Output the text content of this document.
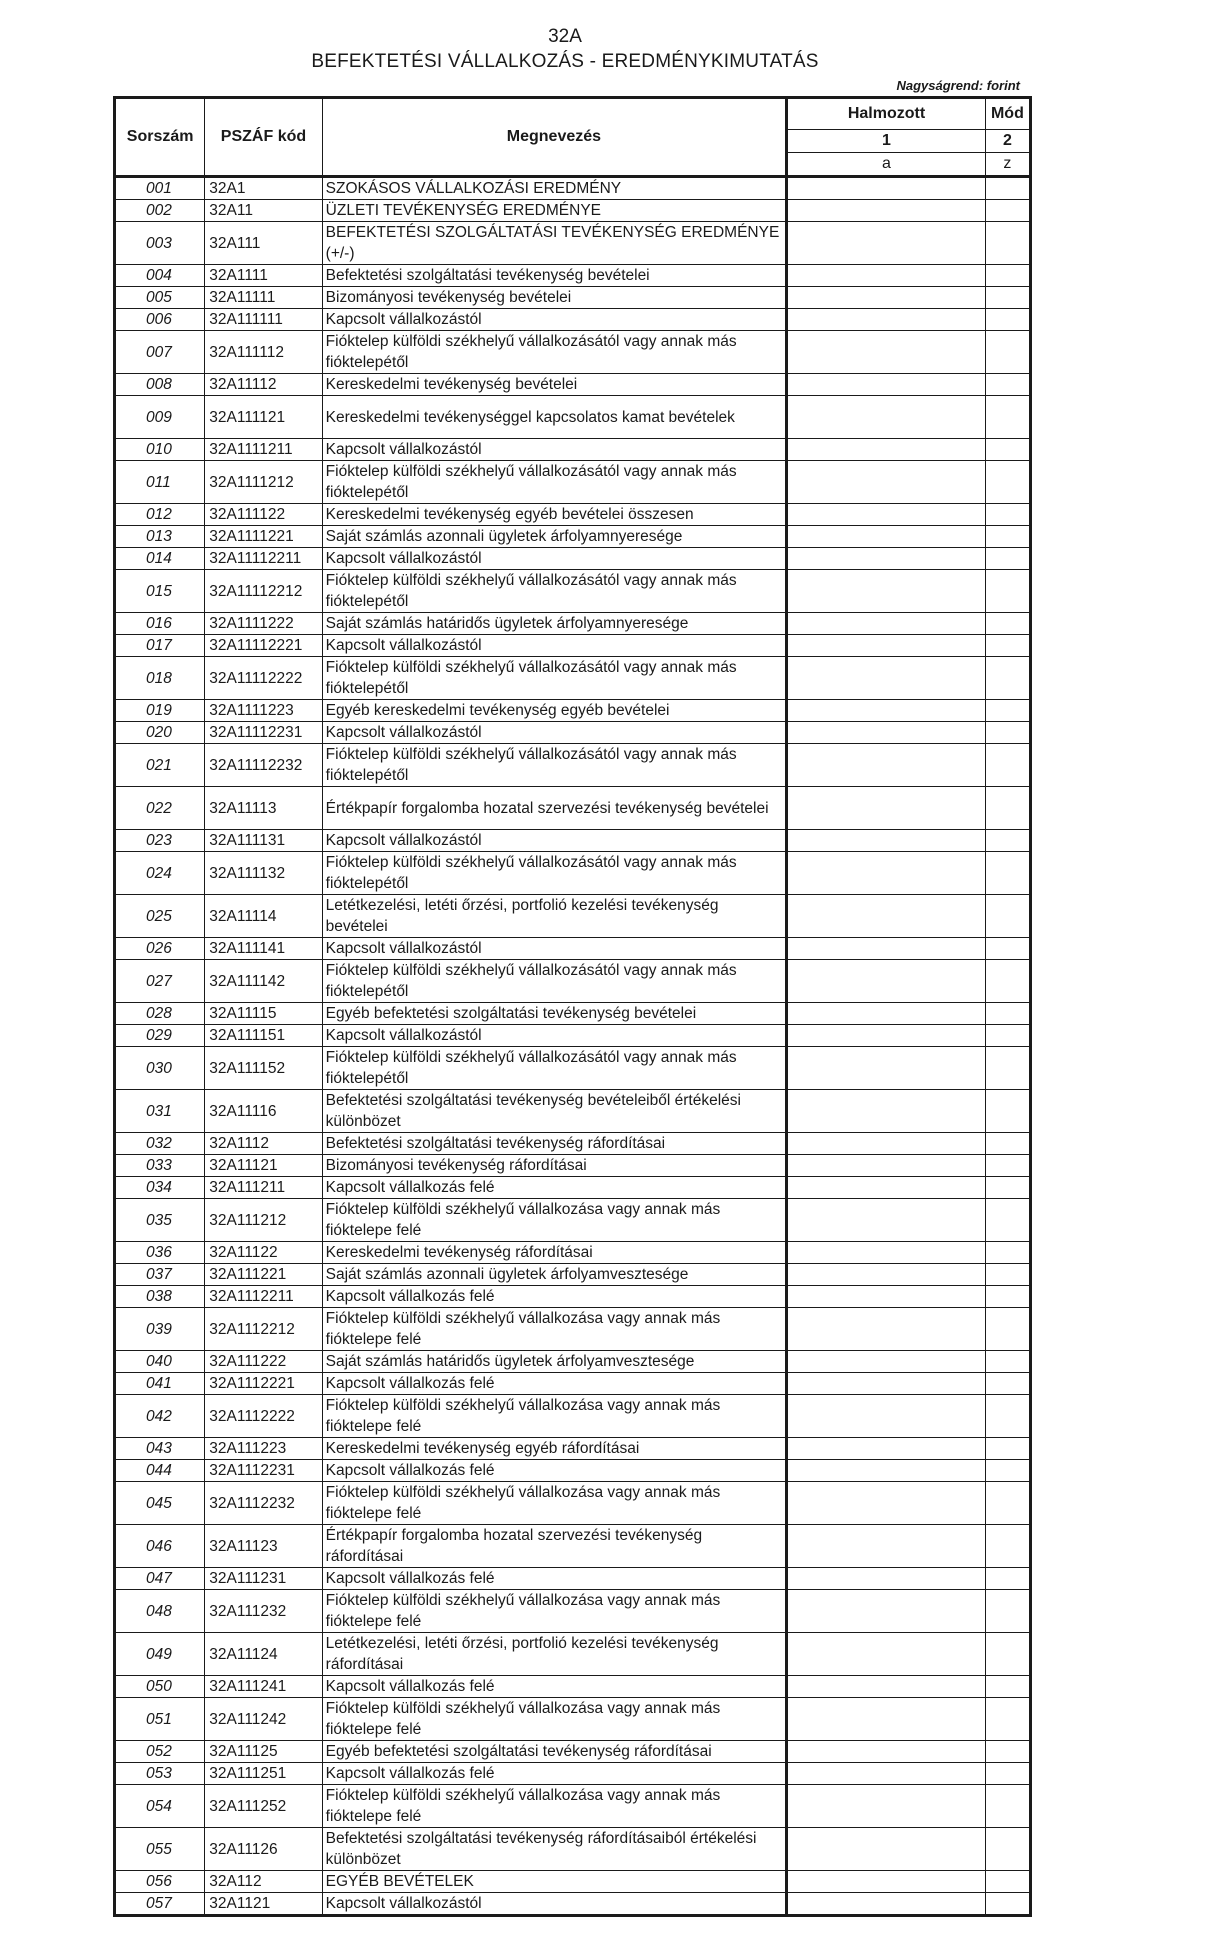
32A
BEFEKTETÉSI VÁLLALKOZÁS - EREDMÉNYKIMUTATÁS
Nagyságrend: forint
Sorszám	PSZÁF kód	Megnevezés	Halmozott	Mód
			1	2
			a	z
001	32A1	SZOKÁSOS VÁLLALKOZÁSI EREDMÉNY		
002	32A11	ÜZLETI TEVÉKENYSÉG EREDMÉNYE		
003	32A111	BEFEKTETÉSI SZOLGÁLTATÁSI TEVÉKENYSÉG EREDMÉNYE (+/-)		
004	32A1111	Befektetési szolgáltatási tevékenység bevételei		
005	32A11111	Bizományosi tevékenység bevételei		
006	32A111111	Kapcsolt vállalkozástól		
007	32A111112	Fióktelep külföldi székhelyű vállalkozásától vagy annak más fióktelepétől		
008	32A11112	Kereskedelmi tevékenység bevételei		
009	32A111121	Kereskedelmi tevékenységgel kapcsolatos kamat bevételek		
010	32A1111211	Kapcsolt vállalkozástól		
011	32A1111212	Fióktelep külföldi székhelyű vállalkozásától vagy annak más fióktelepétől		
012	32A111122	Kereskedelmi tevékenység egyéb bevételei összesen		
013	32A1111221	Saját számlás azonnali ügyletek árfolyamnyeresége		
014	32A11112211	Kapcsolt vállalkozástól		
015	32A11112212	Fióktelep külföldi székhelyű vállalkozásától vagy annak más fióktelepétől		
016	32A1111222	Saját számlás határidős ügyletek árfolyamnyeresége		
017	32A11112221	Kapcsolt vállalkozástól		
018	32A11112222	Fióktelep külföldi székhelyű vállalkozásától vagy annak más fióktelepétől		
019	32A1111223	Egyéb kereskedelmi tevékenység egyéb bevételei		
020	32A11112231	Kapcsolt vállalkozástól		
021	32A11112232	Fióktelep külföldi székhelyű vállalkozásától vagy annak más fióktelepétől		
022	32A11113	Értékpapír forgalomba hozatal szervezési tevékenység bevételei		
023	32A111131	Kapcsolt vállalkozástól		
024	32A111132	Fióktelep külföldi székhelyű vállalkozásától vagy annak más fióktelepétől		
025	32A11114	Letétkezelési, letéti őrzési, portfolió kezelési tevékenység bevételei		
026	32A111141	Kapcsolt vállalkozástól		
027	32A111142	Fióktelep külföldi székhelyű vállalkozásától vagy annak más fióktelepétől		
028	32A11115	Egyéb befektetési szolgáltatási tevékenység bevételei		
029	32A111151	Kapcsolt vállalkozástól		
030	32A111152	Fióktelep külföldi székhelyű vállalkozásától vagy annak más fióktelepétől		
031	32A11116	Befektetési szolgáltatási tevékenység bevételeiből értékelési különbözet		
032	32A1112	Befektetési szolgáltatási tevékenység ráfordításai		
033	32A11121	Bizományosi tevékenység ráfordításai		
034	32A111211	Kapcsolt vállalkozás felé		
035	32A111212	Fióktelep külföldi székhelyű vállalkozása vagy annak más fióktelepe felé		
036	32A11122	Kereskedelmi tevékenység ráfordításai		
037	32A111221	Saját számlás azonnali ügyletek árfolyamvesztesége		
038	32A1112211	Kapcsolt vállalkozás felé		
039	32A1112212	Fióktelep külföldi székhelyű vállalkozása vagy annak más fióktelepe felé		
040	32A111222	Saját számlás határidős ügyletek árfolyamvesztesége		
041	32A1112221	Kapcsolt vállalkozás felé		
042	32A1112222	Fióktelep külföldi székhelyű vállalkozása vagy annak más fióktelepe felé		
043	32A111223	Kereskedelmi tevékenység egyéb ráfordításai		
044	32A1112231	Kapcsolt vállalkozás felé		
045	32A1112232	Fióktelep külföldi székhelyű vállalkozása vagy annak más fióktelepe felé		
046	32A11123	Értékpapír forgalomba hozatal szervezési tevékenység ráfordításai		
047	32A111231	Kapcsolt vállalkozás felé		
048	32A111232	Fióktelep külföldi székhelyű vállalkozása vagy annak más fióktelepe felé		
049	32A11124	Letétkezelési, letéti őrzési, portfolió kezelési tevékenység ráfordításai		
050	32A111241	Kapcsolt vállalkozás felé		
051	32A111242	Fióktelep külföldi székhelyű vállalkozása vagy annak más fióktelepe felé		
052	32A11125	Egyéb befektetési szolgáltatási tevékenység ráfordításai		
053	32A111251	Kapcsolt vállalkozás felé		
054	32A111252	Fióktelep külföldi székhelyű vállalkozása vagy annak más fióktelepe felé		
055	32A11126	Befektetési szolgáltatási tevékenység ráfordításaiból értékelési különbözet		
056	32A112	EGYÉB BEVÉTELEK		
057	32A1121	Kapcsolt vállalkozástól		
